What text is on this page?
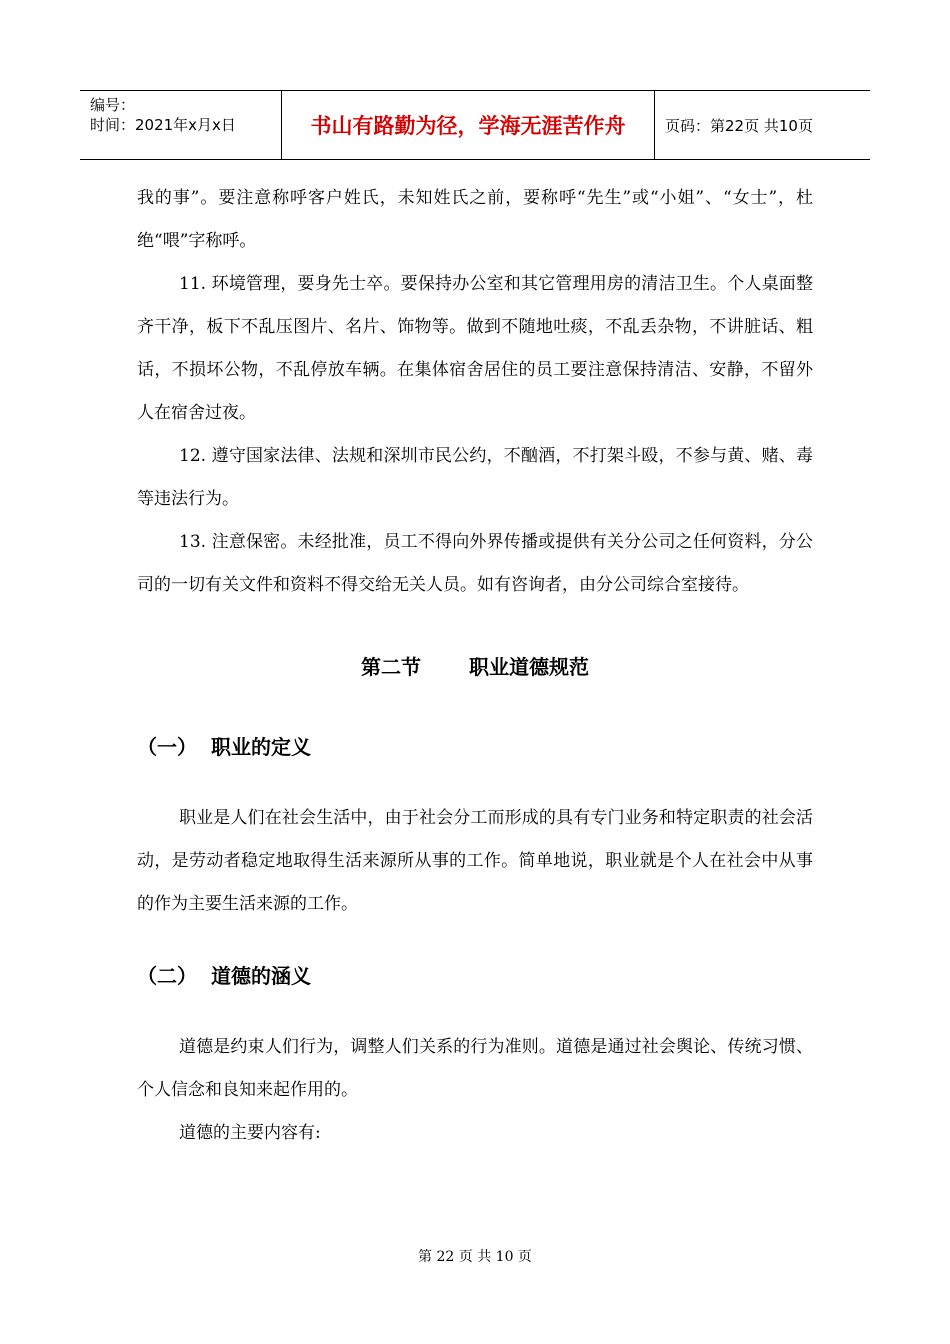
编号：
时间：2021年x月x日	书山有路勤为径，学海无涯苦作舟	页码：第22页 共10页

我的事”。要注意称呼客户姓氏，未知姓氏之前，要称呼“先生”或“小姐”、“女士”，杜绝“喂”字称呼。

11. 环境管理，要身先士卒。要保持办公室和其它管理用房的清洁卫生。个人桌面整齐干净，板下不乱压图片、名片、饰物等。做到不随地吐痰，不乱丢杂物，不讲脏话、粗话，不损坏公物，不乱停放车辆。在集体宿舍居住的员工要注意保持清洁、安静，不留外人在宿舍过夜。

12. 遵守国家法律、法规和深圳市民公约，不酗酒，不打架斗殴，不参与黄、赌、毒等违法行为。

13. 注意保密。未经批准，员工不得向外界传播或提供有关分公司之任何资料，分公司的一切有关文件和资料不得交给无关人员。如有咨询者，由分公司综合室接待。

第二节 职业道德规范
（一） 职业的定义

职业是人们在社会生活中，由于社会分工而形成的具有专门业务和特定职责的社会活动，是劳动者稳定地取得生活来源所从事的工作。简单地说，职业就是个人在社会中从事的作为主要生活来源的工作。

（二） 道德的涵义

道德是约束人们行为，调整人们关系的行为准则。道德是通过社会舆论、传统习惯、个人信念和良知来起作用的。

道德的主要内容有:

第 22 页 共 10 页
